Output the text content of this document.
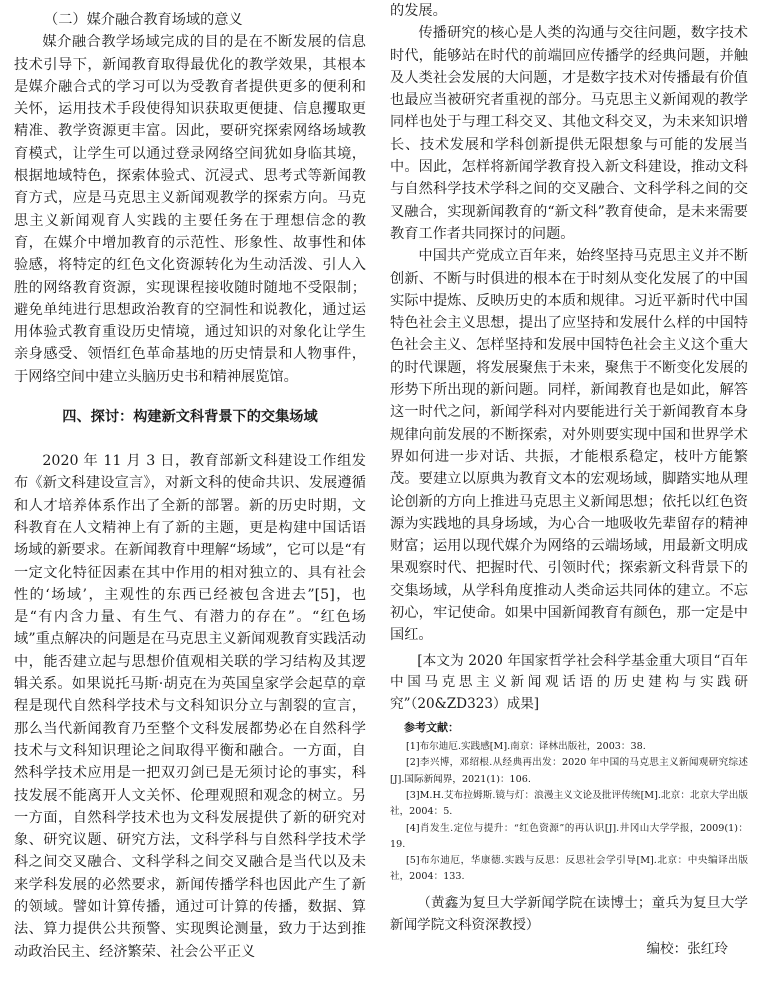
（二）媒介融合教育场域的意义

媒介融合教学场域完成的目的是在不断发展的信息技术引导下，新闻教育取得最优化的教学效果，其根本是媒介融合式的学习可以为受教育者提供更多的便利和关怀，运用技术手段使得知识获取更便捷、信息攫取更精准、教学资源更丰富。因此，要研究探索网络场域教育模式，让学生可以通过登录网络空间犹如身临其境，根据地域特色，探索体验式、沉浸式、思考式等新闻教育方式，应是马克思主义新闻观教学的探索方向。马克思主义新闻观育人实践的主要任务在于理想信念的教育，在媒介中增加教育的示范性、形象性、故事性和体验感，将特定的红色文化资源转化为生动活泼、引人入胜的网络教育资源，实现课程接收随时随地不受限制；避免单纯进行思想政治教育的空洞性和说教化，通过运用体验式教育重设历史情境，通过知识的对象化让学生亲身感受、领悟红色革命基地的历史情景和人物事件，于网络空间中建立头脑历史书和精神展览馆。

四、探讨：构建新文科背景下的交集场域

2020 年 11 月 3 日，教育部新文科建设工作组发布《新文科建设宣言》，对新文科的使命共识、发展遵循和人才培养体系作出了全新的部署。新的历史时期，文科教育在人文精神上有了新的主题，更是构建中国话语场域的新要求。在新闻教育中理解“场域”，它可以是“有一定文化特征因素在其中作用的相对独立的、具有社会性的‘场域’，主观性的东西已经被包含进去”[5]，也是“有内含力量、有生气、有潜力的存在”。“红色场域”重点解决的问题是在马克思主义新闻观教育实践活动中，能否建立起与思想价值观相关联的学习结构及其逻辑关系。如果说托马斯·胡克在为英国皇家学会起草的章程是现代自然科学技术与文科知识分立与割裂的宣言，那么当代新闻教育乃至整个文科发展都势必在自然科学技术与文科知识理论之间取得平衡和融合。一方面，自然科学技术应用是一把双刃剑已是无须讨论的事实，科技发展不能离开人文关怀、伦理观照和观念的树立。另一方面，自然科学技术也为文科发展提供了新的研究对象、研究议题、研究方法，文科学科与自然科学技术学科之间交叉融合、文科学科之间交叉融合是当代以及未来学科发展的必然要求，新闻传播学科也因此产生了新的领域。譬如计算传播，通过可计算的传播，数据、算法、算力提供公共预警、实现舆论测量，致力于达到推动政治民主、经济繁荣、社会公平正义

的发展。

传播研究的核心是人类的沟通与交往问题，数字技术时代，能够站在时代的前端回应传播学的经典问题，并触及人类社会发展的大问题，才是数字技术对传播最有价值也最应当被研究者重视的部分。马克思主义新闻观的教学同样也处于与理工科交叉、其他文科交叉，为未来知识增长、技术发展和学科创新提供无限想象与可能的发展当中。因此，怎样将新闻学教育投入新文科建设，推动文科与自然科学技术学科之间的交叉融合、文科学科之间的交叉融合，实现新闻教育的“新文科”教育使命，是未来需要教育工作者共同探讨的问题。

中国共产党成立百年来，始终坚持马克思主义并不断创新、不断与时俱进的根本在于时刻从变化发展了的中国实际中提炼、反映历史的本质和规律。习近平新时代中国特色社会主义思想，提出了应坚持和发展什么样的中国特色社会主义、怎样坚持和发展中国特色社会主义这个重大的时代课题，将发展聚焦于未来，聚焦于不断变化发展的形势下所出现的新问题。同样，新闻教育也是如此，解答这一时代之问，新闻学科对内要能进行关于新闻教育本身规律向前发展的不断探索，对外则要实现中国和世界学术界如何进一步对话、共振，才能根系稳定，枝叶方能繁茂。要建立以原典为教育文本的宏观场域，脚踏实地从理论创新的方向上推进马克思主义新闻思想；依托以红色资源为实践地的具身场域，为心合一地吸收先辈留存的精神财富；运用以现代媒介为网络的云端场域，用最新文明成果观察时代、把握时代、引领时代；探索新文科背景下的交集场域，从学科角度推动人类命运共同体的建立。不忘初心，牢记使命。如果中国新闻教育有颜色，那一定是中国红。

[本文为 2020 年国家哲学社会科学基金重大项目“百年中国马克思主义新闻观话语的历史建构与实践研究”（20&ZD323）成果]

参考文献：

[1]布尔迪厄.实践感[M].南京：译林出版社，2003：38.

[2]李兴博，邓绍根.从经典再出发：2020 年中国的马克思主义新闻观研究综述[J].国际新闻界，2021(1)：106.

[3]M.H.艾布拉姆斯.镜与灯：浪漫主义文论及批评传统[M].北京：北京大学出版社，2004：5.

[4]肖发生.定位与提升：“红色资源”的再认识[J].井冈山大学学报，2009(1)：19.

[5]布尔迪厄，华康德.实践与反思：反思社会学引导[M].北京：中央编译出版社，2004：133.

（黄鑫为复旦大学新闻学院在读博士；童兵为复旦大学新闻学院文科资深教授）

编校：张红玲
